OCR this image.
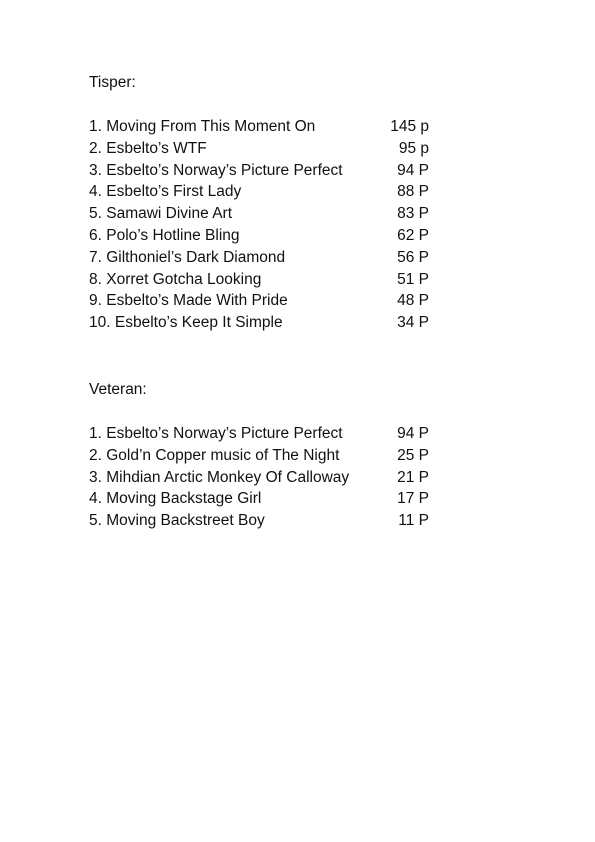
Tisper:
1. Moving From This Moment On	145 p
2. Esbelto’s WTF	95 p
3. Esbelto’s Norway’s Picture Perfect	94 P
4. Esbelto’s First Lady	88 P
5. Samawi Divine Art	83 P
6. Polo’s Hotline Bling	62 P
7. Gilthoniel’s Dark Diamond	56 P
8. Xorret Gotcha Looking	51 P
9. Esbelto’s Made With Pride	48 P
10. Esbelto’s Keep It Simple	34 P
Veteran:
1. Esbelto’s Norway’s Picture Perfect	94 P
2. Gold’n Copper music of The Night	25 P
3. Mihdian Arctic Monkey Of Calloway	21 P
4. Moving Backstage Girl	17 P
5. Moving Backstreet Boy	11 P
